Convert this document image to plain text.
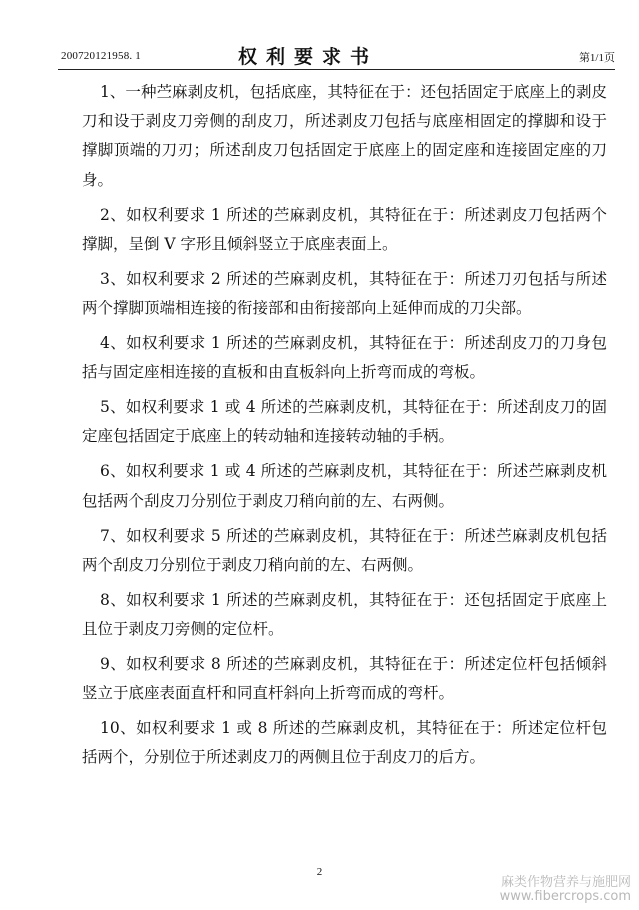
200720121958. 1	权利要求书	第1/1页

1、一种苎麻剥皮机，包括底座，其特征在于：还包括固定于底座上的剥皮刀和设于剥皮刀旁侧的刮皮刀，所述剥皮刀包括与底座相固定的撑脚和设于撑脚顶端的刀刃；所述刮皮刀包括固定于底座上的固定座和连接固定座的刀身。

2、如权利要求 1 所述的苎麻剥皮机，其特征在于：所述剥皮刀包括两个撑脚，呈倒 V 字形且倾斜竖立于底座表面上。

3、如权利要求 2 所述的苎麻剥皮机，其特征在于：所述刀刃包括与所述两个撑脚顶端相连接的衔接部和由衔接部向上延伸而成的刀尖部。

4、如权利要求 1 所述的苎麻剥皮机，其特征在于：所述刮皮刀的刀身包括与固定座相连接的直板和由直板斜向上折弯而成的弯板。

5、如权利要求 1 或 4 所述的苎麻剥皮机，其特征在于：所述刮皮刀的固定座包括固定于底座上的转动轴和连接转动轴的手柄。

6、如权利要求 1 或 4 所述的苎麻剥皮机，其特征在于：所述苎麻剥皮机包括两个刮皮刀分别位于剥皮刀稍向前的左、右两侧。

7、如权利要求 5 所述的苎麻剥皮机，其特征在于：所述苎麻剥皮机包括两个刮皮刀分别位于剥皮刀稍向前的左、右两侧。

8、如权利要求 1 所述的苎麻剥皮机，其特征在于：还包括固定于底座上且位于剥皮刀旁侧的定位杆。

9、如权利要求 8 所述的苎麻剥皮机，其特征在于：所述定位杆包括倾斜竖立于底座表面直杆和同直杆斜向上折弯而成的弯杆。

10、如权利要求 1 或 8 所述的苎麻剥皮机，其特征在于：所述定位杆包括两个，分别位于所述剥皮刀的两侧且位于刮皮刀的后方。

2
麻类作物营养与施肥网
www.fibercrops.com
